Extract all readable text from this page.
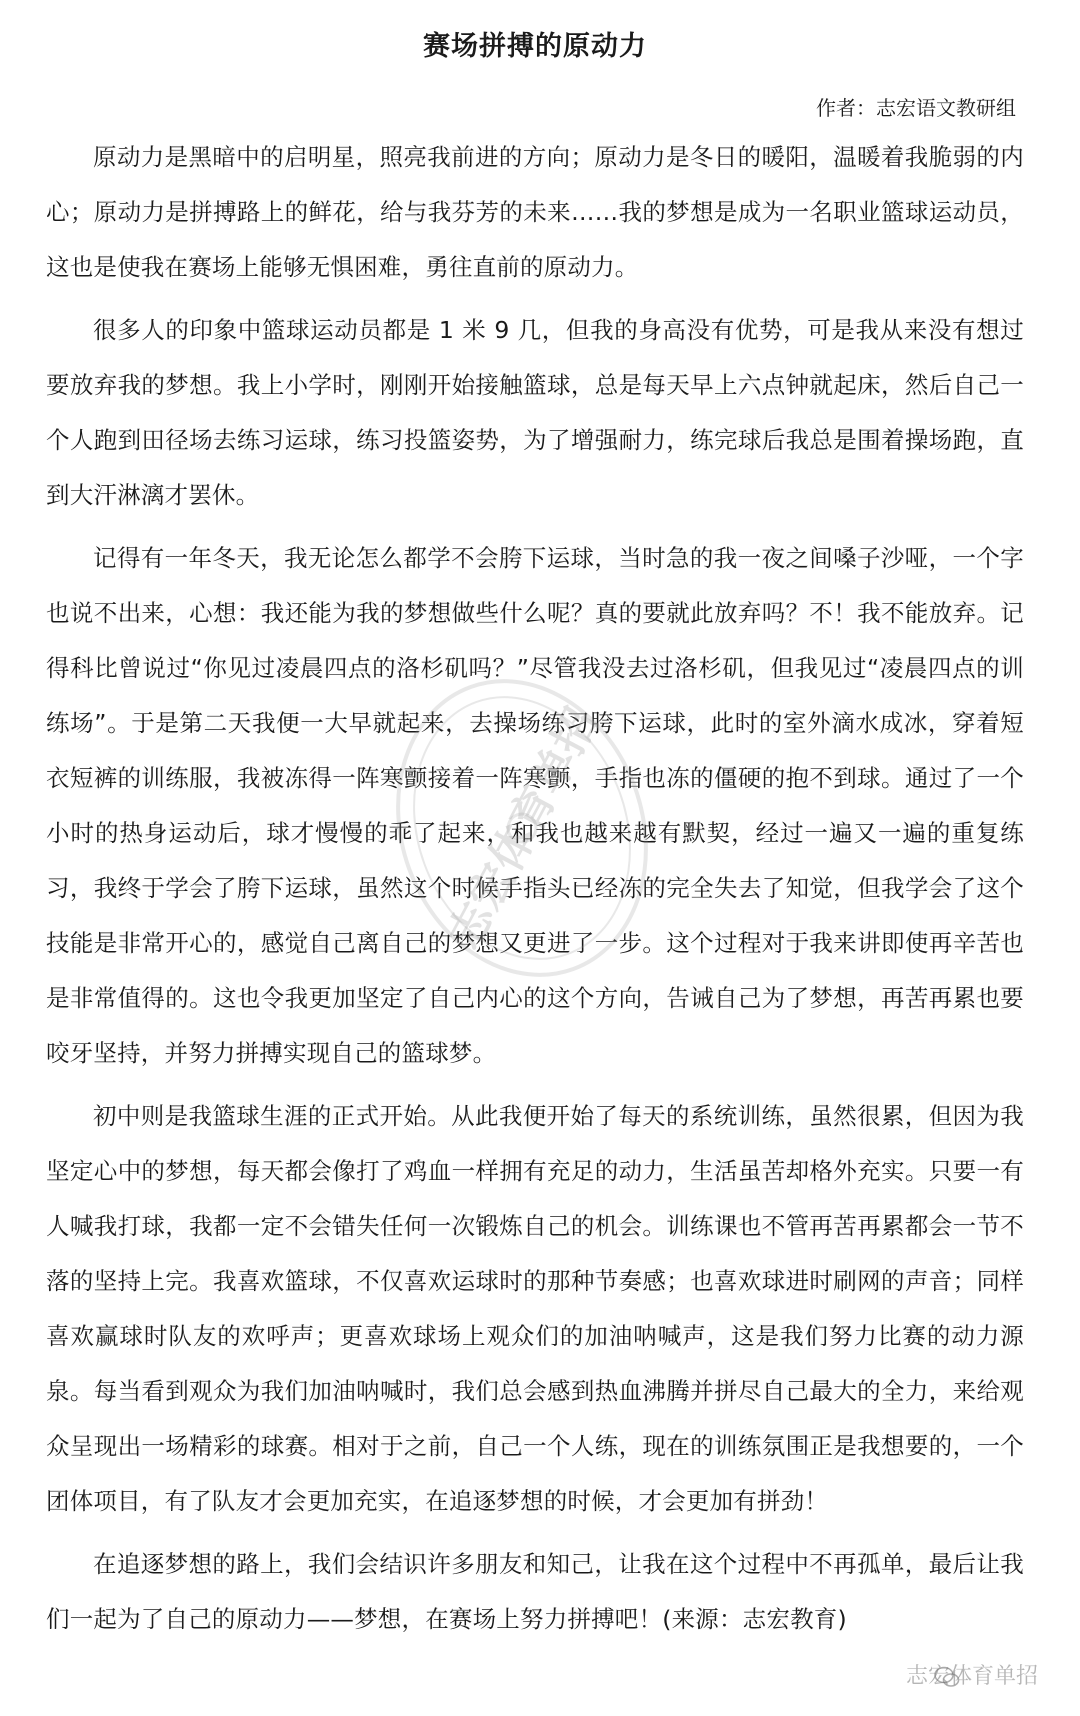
赛场拼搏的原动力
作者：志宏语文教研组

原动力是黑暗中的启明星，照亮我前进的方向；原动力是冬日的暖阳，温暖着我脆弱的内心；原动力是拼搏路上的鲜花，给与我芬芳的未来……我的梦想是成为一名职业篮球运动员，这也是使我在赛场上能够无惧困难，勇往直前的原动力。

很多人的印象中篮球运动员都是 1 米 9 几，但我的身高没有优势，可是我从来没有想过要放弃我的梦想。我上小学时，刚刚开始接触篮球，总是每天早上六点钟就起床，然后自己一个人跑到田径场去练习运球，练习投篮姿势，为了增强耐力，练完球后我总是围着操场跑，直到大汗淋漓才罢休。

记得有一年冬天，我无论怎么都学不会胯下运球，当时急的我一夜之间嗓子沙哑，一个字也说不出来，心想：我还能为我的梦想做些什么呢？真的要就此放弃吗？不！我不能放弃。记得科比曾说过“你见过凌晨四点的洛杉矶吗？”尽管我没去过洛杉矶，但我见过“凌晨四点的训练场”。于是第二天我便一大早就起来，去操场练习胯下运球，此时的室外滴水成冰，穿着短衣短裤的训练服，我被冻得一阵寒颤接着一阵寒颤，手指也冻的僵硬的抱不到球。通过了一个小时的热身运动后，球才慢慢的乖了起来，和我也越来越有默契，经过一遍又一遍的重复练习，我终于学会了胯下运球，虽然这个时候手指头已经冻的完全失去了知觉，但我学会了这个技能是非常开心的，感觉自己离自己的梦想又更进了一步。这个过程对于我来讲即使再辛苦也是非常值得的。这也令我更加坚定了自己内心的这个方向，告诫自己为了梦想，再苦再累也要咬牙坚持，并努力拼搏实现自己的篮球梦。

初中则是我篮球生涯的正式开始。从此我便开始了每天的系统训练，虽然很累，但因为我坚定心中的梦想，每天都会像打了鸡血一样拥有充足的动力，生活虽苦却格外充实。只要一有人喊我打球，我都一定不会错失任何一次锻炼自己的机会。训练课也不管再苦再累都会一节不落的坚持上完。我喜欢篮球，不仅喜欢运球时的那种节奏感；也喜欢球进时刷网的声音；同样喜欢赢球时队友的欢呼声；更喜欢球场上观众们的加油呐喊声，这是我们努力比赛的动力源泉。每当看到观众为我们加油呐喊时，我们总会感到热血沸腾并拼尽自己最大的全力，来给观众呈现出一场精彩的球赛。相对于之前，自己一个人练，现在的训练氛围正是我想要的，一个团体项目，有了队友才会更加充实，在追逐梦想的时候，才会更加有拼劲！

在追逐梦想的路上，我们会结识许多朋友和知己，让我在这个过程中不再孤单，最后让我们一起为了自己的原动力——梦想，在赛场上努力拼搏吧！(来源：志宏教育)

志宏体育单招
志宏体育单招
